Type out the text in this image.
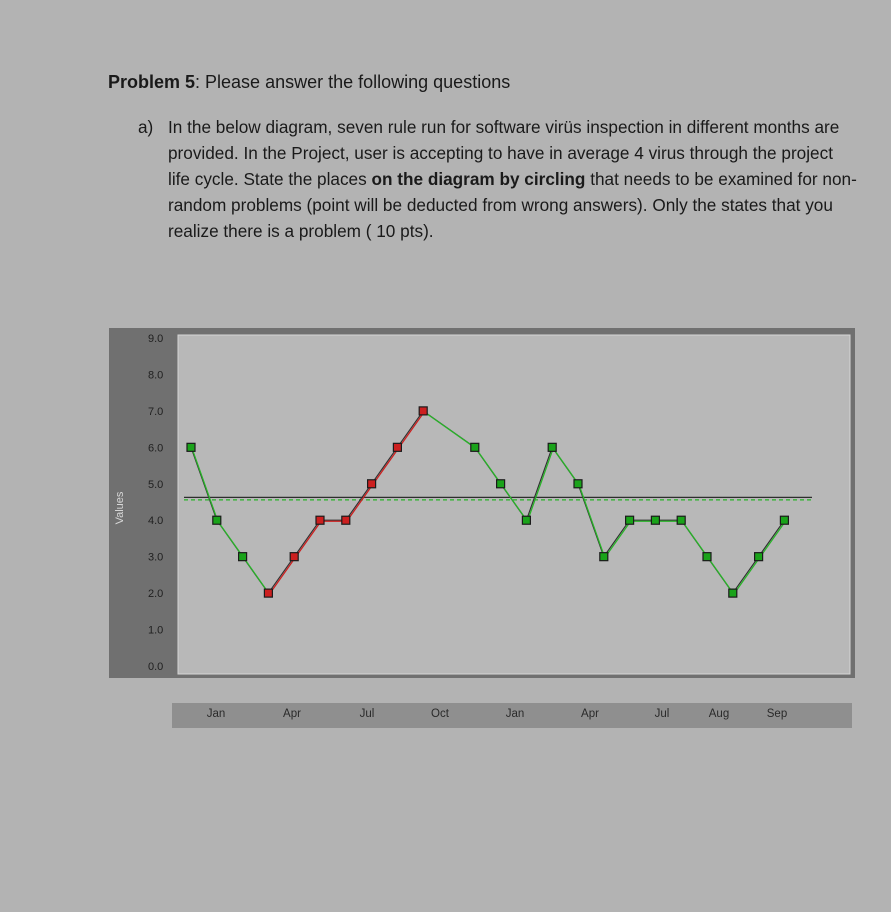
Problem 5: Please answer the following questions
a) In the below diagram, seven rule run for software virüs inspection in different months are provided. In the Project, user is accepting to have in average 4 virus through the project life cycle. State the places on the diagram by circling that needs to be examined for non-random problems (point will be deducted from wrong answers). Only the states that you realize there is a problem ( 10 pts).
Values
0.0
1.0
2.0
3.0
4.0
5.0
6.0
7.0
8.0
9.0
Jan	Apr	Jul	Oct	Jan	Apr	Jul	Aug	Sep
